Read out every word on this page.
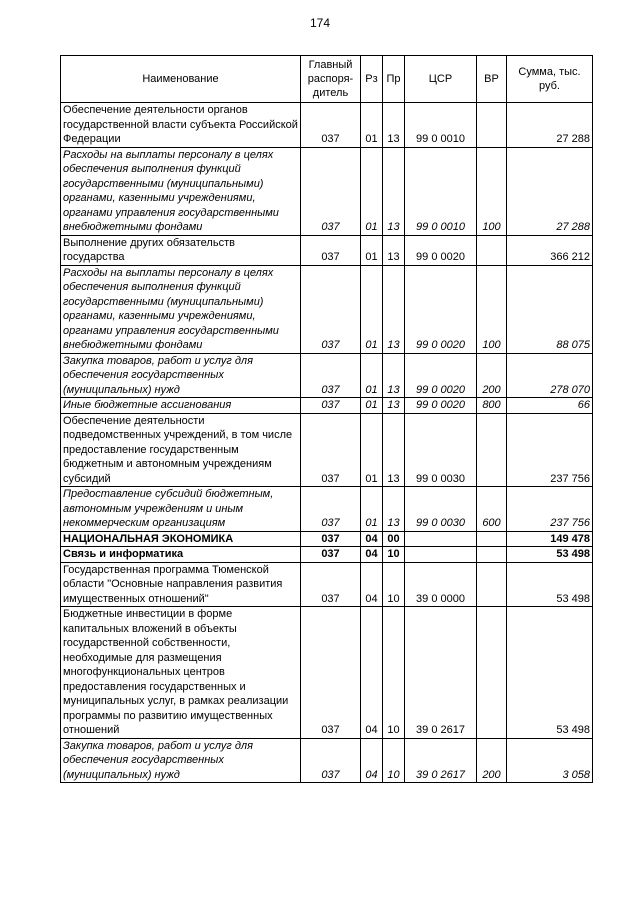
174
Наименование	Главный распоря-дитель	Рз	Пр	ЦСР	ВР	Сумма, тыс. руб.
Обеспечение деятельности органов государственной власти субъекта Российской Федерации	037	01	13	99 0 0010		27 288
Расходы на выплаты персоналу в целях обеспечения выполнения функций государственными (муниципальными) органами, казенными учреждениями, органами управления государственными внебюджетными фондами	037	01	13	99 0 0010	100	27 288
Выполнение других обязательств государства	037	01	13	99 0 0020		366 212
Расходы на выплаты персоналу в целях обеспечения выполнения функций государственными (муниципальными) органами, казенными учреждениями, органами управления государственными внебюджетными фондами	037	01	13	99 0 0020	100	88 075
Закупка товаров, работ и услуг для обеспечения государственных (муниципальных) нужд	037	01	13	99 0 0020	200	278 070
Иные бюджетные ассигнования	037	01	13	99 0 0020	800	66
Обеспечение деятельности подведомственных учреждений, в том числе предоставление государственным бюджетным и автономным учреждениям субсидий	037	01	13	99 0 0030		237 756
Предоставление субсидий бюджетным, автономным учреждениям и иным некоммерческим организациям	037	01	13	99 0 0030	600	237 756
НАЦИОНАЛЬНАЯ ЭКОНОМИКА	037	04	00			149 478
Связь и информатика	037	04	10			53 498
Государственная программа Тюменской области "Основные направления развития имущественных отношений"	037	04	10	39 0 0000		53 498
Бюджетные инвестиции в форме капитальных вложений в объекты государственной собственности, необходимые для размещения многофункциональных центров предоставления государственных и муниципальных услуг, в рамках реализации программы по развитию имущественных отношений	037	04	10	39 0 2617		53 498
Закупка товаров, работ и услуг для обеспечения государственных (муниципальных) нужд	037	04	10	39 0 2617	200	3 058
